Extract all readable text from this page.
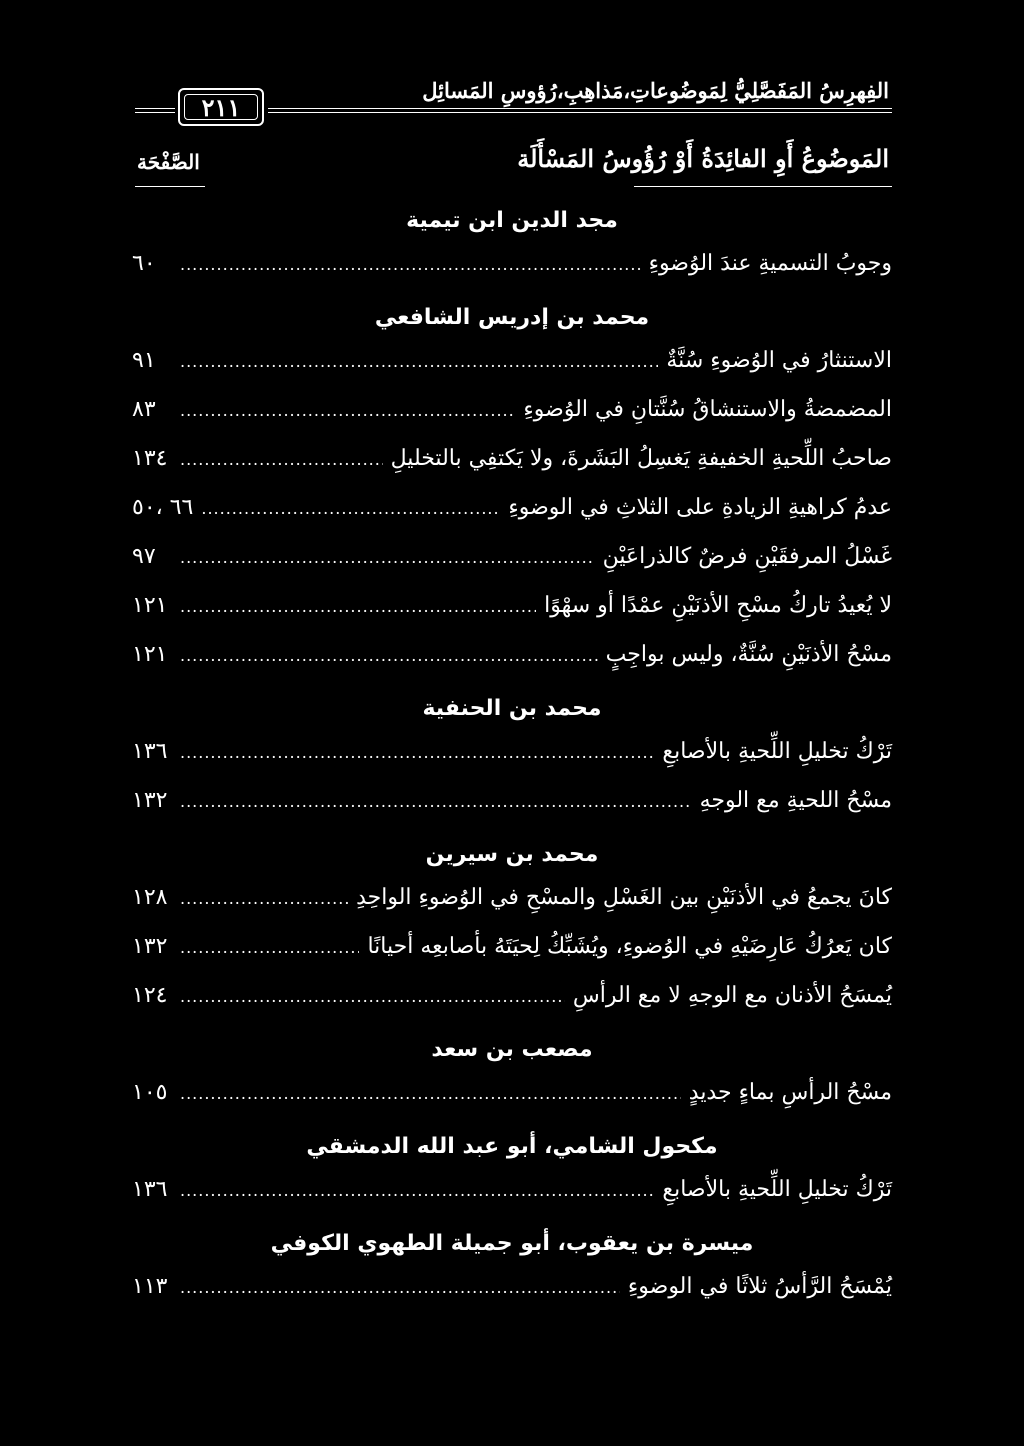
الفِهرِسُ المَفَصَّلِيُّ لِمَوضُوعاتِ،مَذاهِبِ،رُؤوسِ المَسائِل
٢١١
المَوضُوعُ أَوِ الفائِدَةُ أَوْ رُؤُوسُ المَسْأَلَة
الصَّفْحَة
مجد الدين ابن تيمية
وجوبُ التسميةِ عندَ الوُضوءِ
.....
٦٠
محمد بن إدريس الشافعي
الاستنثارُ في الوُضوءِ سُنَّةٌ
.....
٩١
المضمضةُ والاستنشاقُ سُنَّتانِ في الوُضوءِ
.....
٨٣
صاحبُ اللِّحيةِ الخفيفةِ يَغسِلُ البَشَرةَ، ولا يَكتفِي بالتخليلِ
.....
١٣٤
عدمُ كراهيةِ الزيادةِ على الثلاثِ في الوضوءِ
.....
٦٦ ،٥٠
غَسْلُ المرفقَيْنِ فرضٌ كالذراعَيْنِ
.....
٩٧
لا يُعيدُ تاركُ مسْحِ الأذنَيْنِ عمْدًا أو سهْوًا
.....
١٢١
مسْحُ الأذنَيْنِ سُنَّةٌ، وليس بواجِبٍ
.....
١٢١
محمد بن الحنفية
تَرْكُ تخليلِ اللِّحيةِ بالأصابعِ
.....
١٣٦
مسْحُ اللحيةِ مع الوجهِ
.....
١٣٢
محمد بن سيرين
كانَ يجمعُ في الأذنَيْنِ بين الغَسْلِ والمسْحِ في الوُضوءِ الواحِدِ
.....
١٢٨
كان يَعرُكُ عَارِضَيْهِ في الوُضوءِ، ويُشَبِّكُ لِحيَتَهُ بأصابعِه أحيانًا
.....
١٣٢
يُمسَحُ الأذنان مع الوجهِ لا مع الرأسِ
.....
١٢٤
مصعب بن سعد
مسْحُ الرأسِ بماءٍ جديدٍ
.....
١٠٥
مكحول الشامي، أبو عبد الله الدمشقي
تَرْكُ تخليلِ اللِّحيةِ بالأصابعِ
.....
١٣٦
ميسرة بن يعقوب، أبو جميلة الطهوي الكوفي
يُمْسَحُ الرَّأسُ ثلاثًا في الوضوءِ
.....
١١٣
